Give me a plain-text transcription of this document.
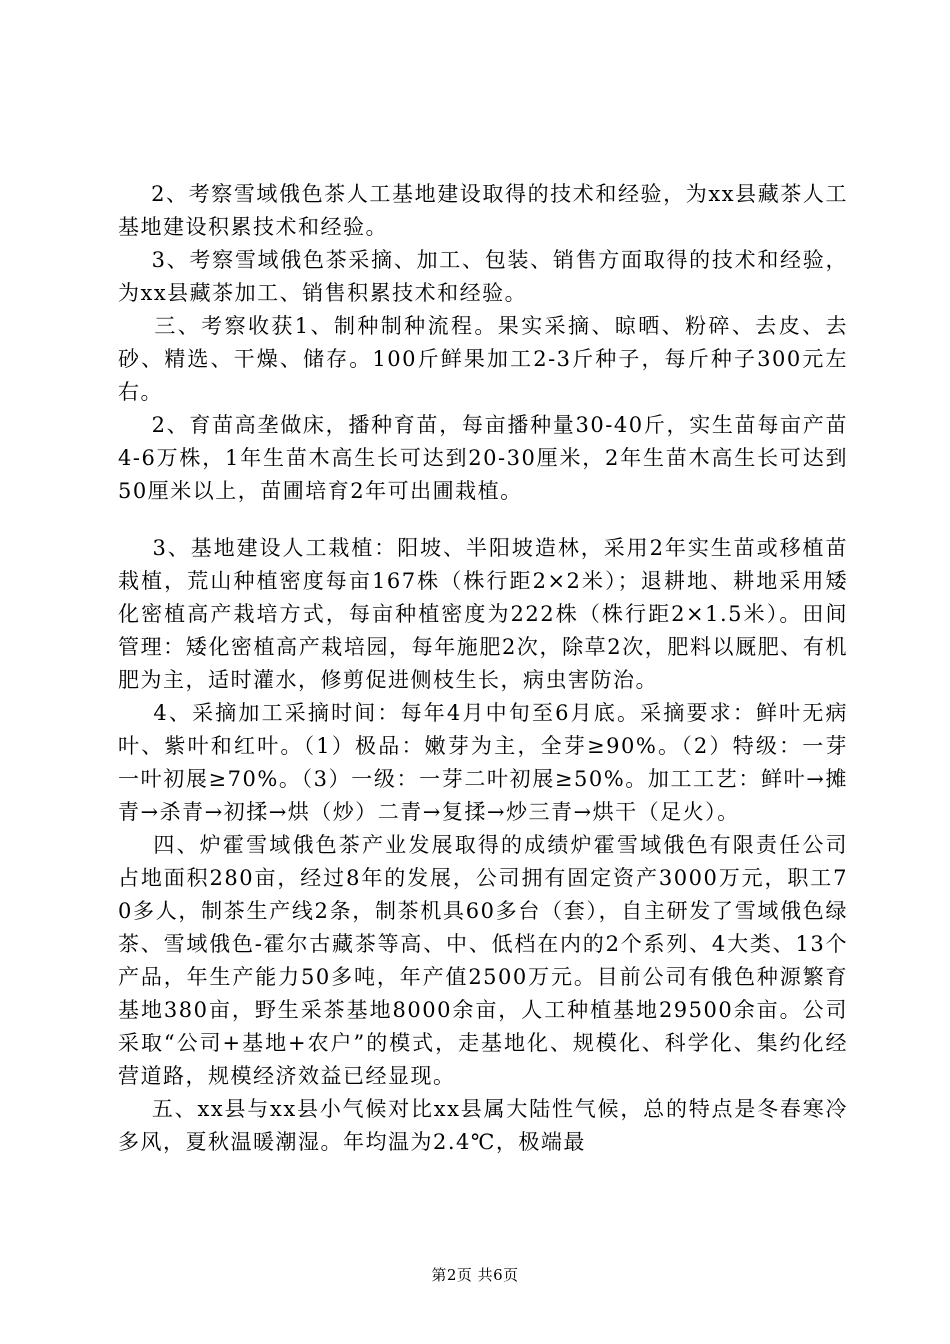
2、考察雪域俄色茶人工基地建设取得的技术和经验，为xx县藏茶人工基地建设积累技术和经验。

3、考察雪域俄色茶采摘、加工、包装、销售方面取得的技术和经验，为xx县藏茶加工、销售积累技术和经验。

三、考察收获1、制种制种流程。果实采摘、晾晒、粉碎、去皮、去砂、精选、干燥、储存。100斤鲜果加工2-3斤种子，每斤种子300元左右。

2、育苗高垄做床，播种育苗，每亩播种量30-40斤，实生苗每亩产苗4-6万株，1年生苗木高生长可达到20-30厘米，2年生苗木高生长可达到50厘米以上，苗圃培育2年可出圃栽植。

3、基地建设人工栽植：阳坡、半阳坡造林，采用2年实生苗或移植苗栽植，荒山种植密度每亩167株（株行距2×2米）；退耕地、耕地采用矮化密植高产栽培方式，每亩种植密度为222株（株行距2×1.5米）。田间管理：矮化密植高产栽培园，每年施肥2次，除草2次，肥料以厩肥、有机肥为主，适时灌水，修剪促进侧枝生长，病虫害防治。

4、采摘加工采摘时间：每年4月中旬至6月底。采摘要求：鲜叶无病叶、紫叶和红叶。（1）极品：嫩芽为主，全芽≥90%。（2）特级：一芽一叶初展≥70%。（3）一级：一芽二叶初展≥50%。加工工艺：鲜叶→摊青→杀青→初揉→烘（炒）二青→复揉→炒三青→烘干（足火）。

四、炉霍雪域俄色茶产业发展取得的成绩炉霍雪域俄色有限责任公司占地面积280亩，经过8年的发展，公司拥有固定资产3000万元，职工70多人，制茶生产线2条，制茶机具60多台（套），自主研发了雪域俄色绿茶、雪域俄色-霍尔古藏茶等高、中、低档在内的2个系列、4大类、13个产品，年生产能力50多吨，年产值2500万元。目前公司有俄色种源繁育基地380亩，野生采茶基地8000余亩，人工种植基地29500余亩。公司采取“公司+基地+农户”的模式，走基地化、规模化、科学化、集约化经营道路，规模经济效益已经显现。

五、xx县与xx县小气候对比xx县属大陆性气候，总的特点是冬春寒冷多风，夏秋温暖潮湿。年均温为2.4℃，极端最

第2页 共6页
